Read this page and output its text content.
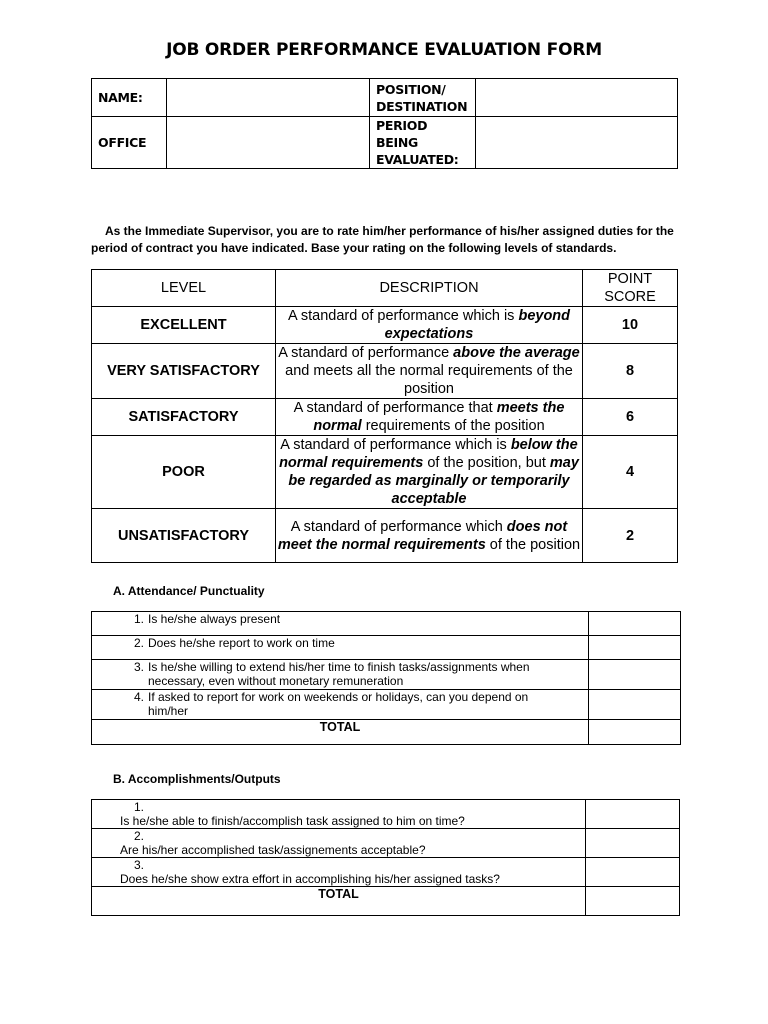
JOB ORDER PERFORMANCE EVALUATION FORM
NAME:		POSITION/
DESTINATION	
OFFICE		PERIOD BEING
EVALUATED:	
As the Immediate Supervisor, you are to rate him/her performance of his/her assigned duties for the period of contract you have indicated. Base your rating on the following levels of standards.
LEVEL	DESCRIPTION	POINT
SCORE
EXCELLENT	A standard of performance which is beyond expectations	10
VERY SATISFACTORY	A standard of performance above the average and meets all the normal requirements of the position	8
SATISFACTORY	A standard of performance that meets the normal requirements of the position	6
POOR	A standard of performance which is below the normal requirements of the position, but may be regarded as marginally or temporarily acceptable	4
UNSATISFACTORY	A standard of performance which does not meet the normal requirements of the position	2
A. Attendance/ Punctuality
1. Is he/she always present	
2. Does he/she report to work on time	
3. Is he/she willing to extend his/her time to finish tasks/assignments when necessary, even without monetary remuneration	
4. If asked to report for work on weekends or holidays, can you depend on him/her	
TOTAL	
B. Accomplishments/Outputs
1.Is he/she able to finish/accomplish task assigned to him on time?	
2.Are his/her accomplished task/assignements acceptable?	
3.Does he/she show extra effort in accomplishing his/her assigned tasks?	
TOTAL	
